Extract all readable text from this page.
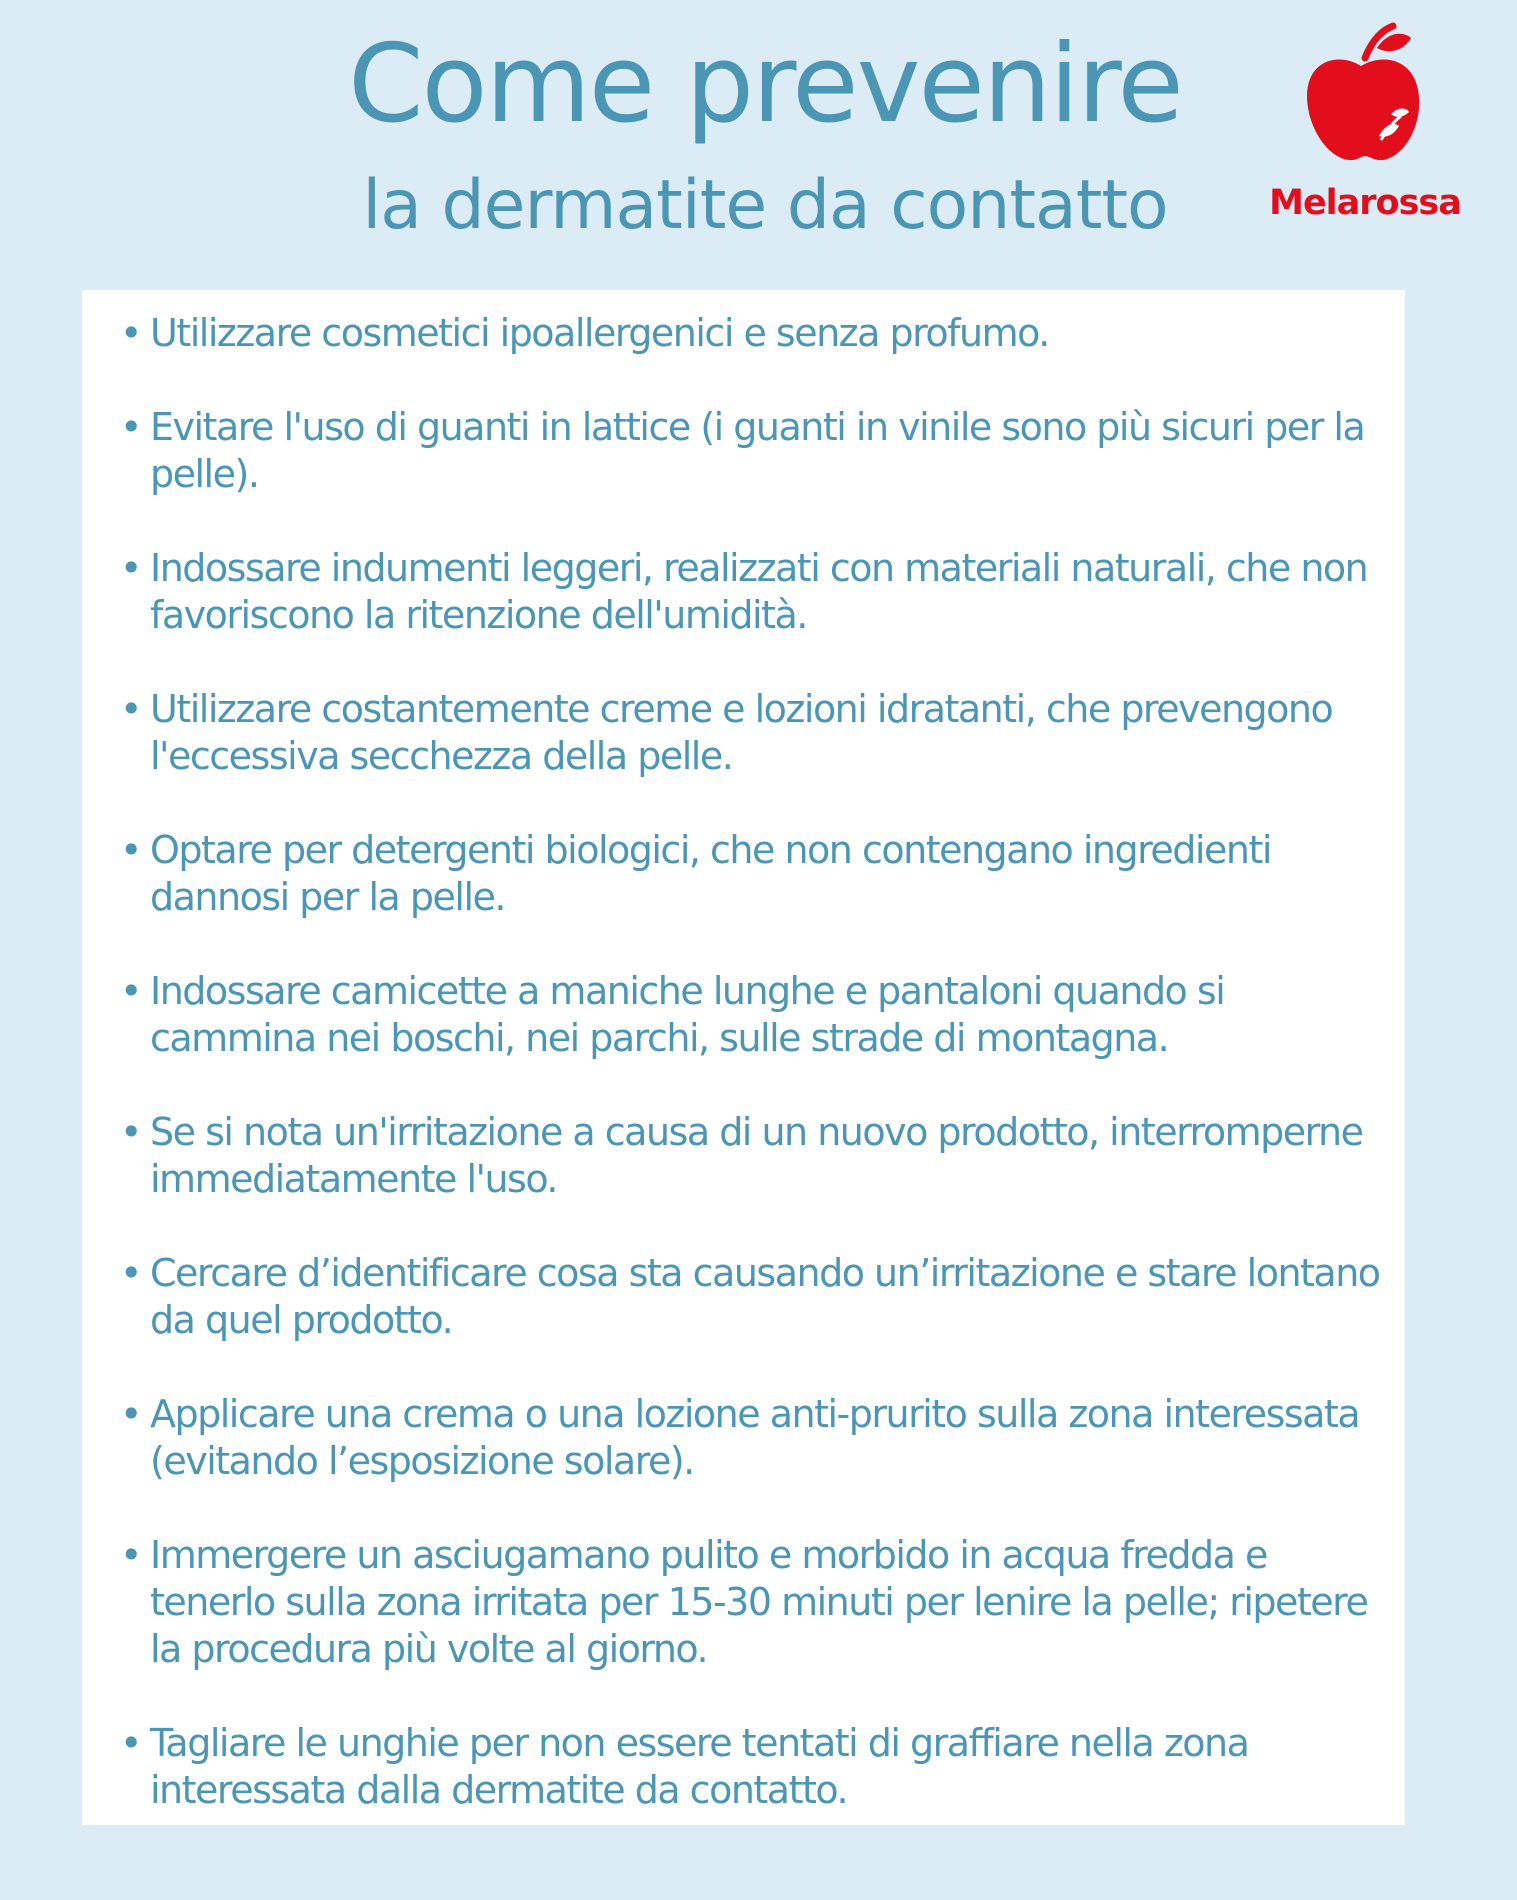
Come prevenire
la dermatite da contatto	Melarossa
• Utilizzare cosmetici ipoallergenici e senza profumo.
• Evitare l'uso di guanti in lattice (i guanti in vinile sono più sicuri per la pelle).
• Indossare indumenti leggeri, realizzati con materiali naturali, che non favoriscono la ritenzione dell'umidità.
• Utilizzare costantemente creme e lozioni idratanti, che prevengono l'eccessiva secchezza della pelle.
• Optare per detergenti biologici, che non contengano ingredienti dannosi per la pelle.
• Indossare camicette a maniche lunghe e pantaloni quando si cammina nei boschi, nei parchi, sulle strade di montagna.
• Se si nota un'irritazione a causa di un nuovo prodotto, interromperne immediatamente l'uso.
• Cercare d’identificare cosa sta causando un’irritazione e stare lontano da quel prodotto.
• Applicare una crema o una lozione anti-prurito sulla zona interessata (evitando l’esposizione solare).
• Immergere un asciugamano pulito e morbido in acqua fredda e tenerlo sulla zona irritata per 15-30 minuti per lenire la pelle; ripetere la procedura più volte al giorno.
• Tagliare le unghie per non essere tentati di graffiare nella zona interessata dalla dermatite da contatto.
